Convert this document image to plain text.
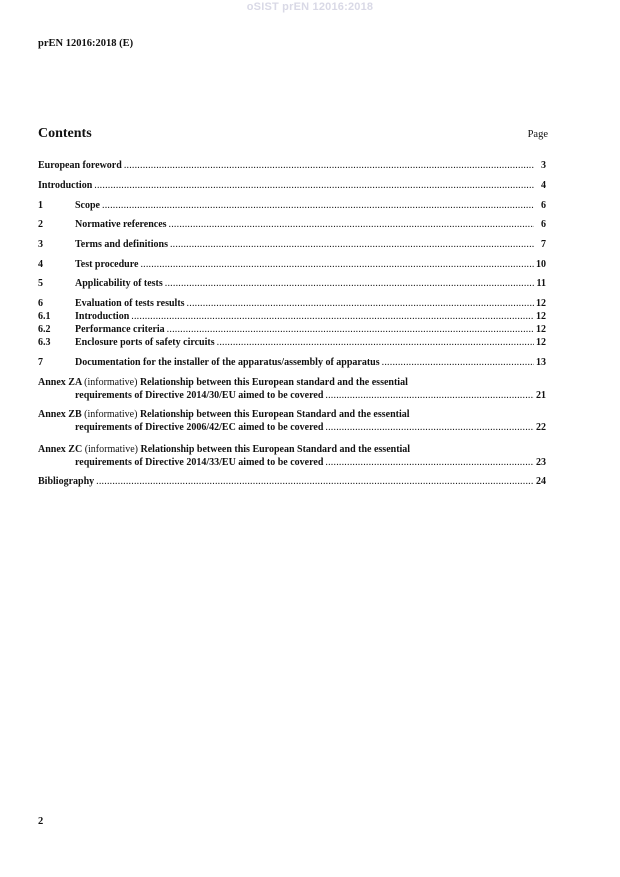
oSIST prEN 12016:2018
prEN 12016:2018 (E)
Contents	Page
European foreword .....	3
Introduction .....	4
1	Scope .....	6
2	Normative references .....	6
3	Terms and definitions .....	7
4	Test procedure .....	10
5	Applicability of tests .....	11
6	Evaluation of tests results .....	12
6.1	Introduction .....	12
6.2	Performance criteria .....	12
6.3	Enclosure ports of safety circuits .....	12
7	Documentation for the installer of the apparatus/assembly of apparatus .....	13
Annex ZA (informative) Relationship between this European standard and the essential
requirements of Directive 2014/30/EU aimed to be covered .....	21
Annex ZB (informative) Relationship between this European Standard and the essential
requirements of Directive 2006/42/EC aimed to be covered .....	22
Annex ZC (informative) Relationship between this European Standard and the essential
requirements of Directive 2014/33/EU aimed to be covered .....	23
Bibliography .....	24
2
